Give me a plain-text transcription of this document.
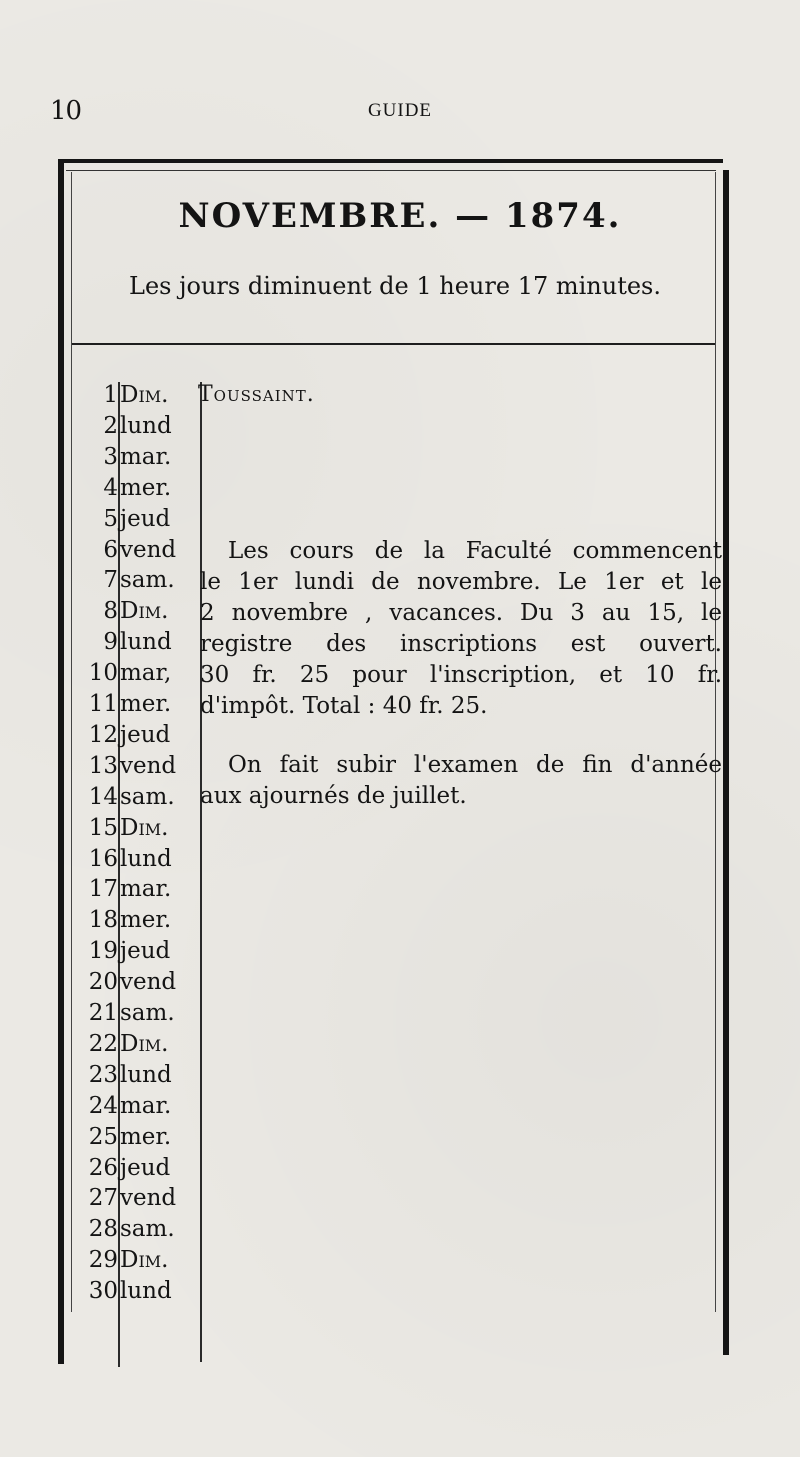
10	GUIDE
NOVEMBRE. — 1874.
Les jours diminuent de 1 heure 17 minutes.
1 Dim.
2 lund
3 mar.
4 mer.
5 jeud
6 vend
7 sam.
8 Dim.
9 lund
10 mar,
11 mer.
12 jeud
13 vend
14 sam.
15 Dim.
16 lund
17 mar.
18 mer.
19 jeud
20 vend
21 sam.
22 Dim.
23 lund
24 mar.
25 mer.
26 jeud
27 vend
28 sam.
29 Dim.
30 lund
Toussaint.
Les cours de la Faculté commencent
le 1er lundi de novembre. Le 1er et le
2 novembre , vacances. Du 3 au 15, le
registre des inscriptions est ouvert.
30 fr. 25 pour l'inscription, et 10 fr.
d'impôt. Total : 40 fr. 25.
On fait subir l'examen de fin d'année
aux ajournés de juillet.
